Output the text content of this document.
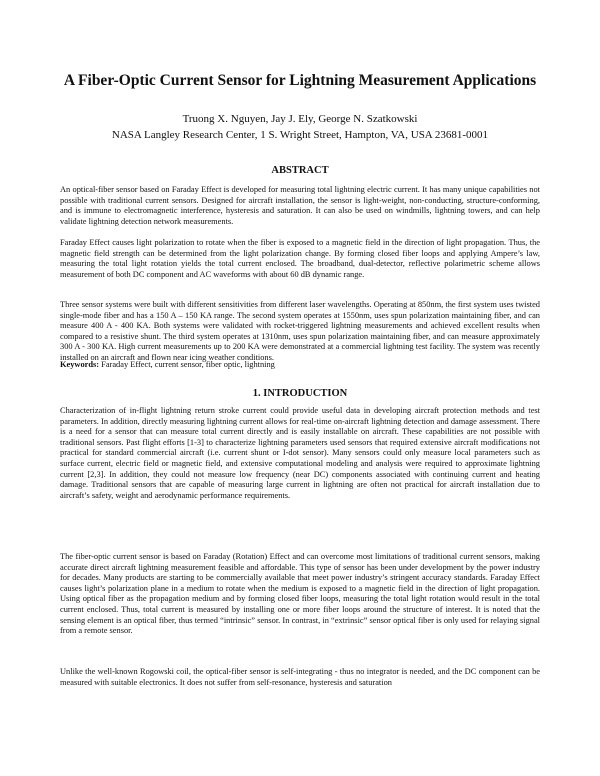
A Fiber-Optic Current Sensor for Lightning Measurement Applications
Truong X. Nguyen, Jay J. Ely, George N. Szatkowski
NASA Langley Research Center, 1 S. Wright Street, Hampton, VA, USA 23681-0001
ABSTRACT

An optical-fiber sensor based on Faraday Effect is developed for measuring total lightning electric current. It has many unique capabilities not possible with traditional current sensors. Designed for aircraft installation, the sensor is light-weight, non-conducting, structure-conforming, and is immune to electromagnetic interference, hysteresis and saturation. It can also be used on windmills, lightning towers, and can help validate lightning detection network measurements.

Faraday Effect causes light polarization to rotate when the fiber is exposed to a magnetic field in the direction of light propagation. Thus, the magnetic field strength can be determined from the light polarization change. By forming closed fiber loops and applying Ampere’s law, measuring the total light rotation yields the total current enclosed. The broadband, dual-detector, reflective polarimetric scheme allows measurement of both DC component and AC waveforms with about 60 dB dynamic range.

Three sensor systems were built with different sensitivities from different laser wavelengths. Operating at 850nm, the first system uses twisted single-mode fiber and has a 150 A – 150 KA range. The second system operates at 1550nm, uses spun polarization maintaining fiber, and can measure 400 A - 400 KA. Both systems were validated with rocket-triggered lightning measurements and achieved excellent results when compared to a resistive shunt. The third system operates at 1310nm, uses spun polarization maintaining fiber, and can measure approximately 300 A - 300 KA. High current measurements up to 200 KA were demonstrated at a commercial lightning test facility. The system was recently installed on an aircraft and flown near icing weather conditions.

Keywords: Faraday Effect, current sensor, fiber optic, lightning

1. INTRODUCTION

Characterization of in-flight lightning return stroke current could provide useful data in developing aircraft protection methods and test parameters. In addition, directly measuring lightning current allows for real-time on-aircraft lightning detection and damage assessment. There is a need for a sensor that can measure total current directly and is easily installable on aircraft. These capabilities are not possible with traditional sensors. Past flight efforts [1-3] to characterize lightning parameters used sensors that required extensive aircraft modifications not practical for standard commercial aircraft (i.e. current shunt or I-dot sensor). Many sensors could only measure local parameters such as surface current, electric field or magnetic field, and extensive computational modeling and analysis were required to approximate lightning current [2,3]. In addition, they could not measure low frequency (near DC) components associated with continuing current and heating damage. Traditional sensors that are capable of measuring large current in lightning are often not practical for aircraft installation due to aircraft’s safety, weight and aerodynamic performance requirements.

The fiber-optic current sensor is based on Faraday (Rotation) Effect and can overcome most limitations of traditional current sensors, making accurate direct aircraft lightning measurement feasible and affordable. This type of sensor has been under development by the power industry for decades. Many products are starting to be commercially available that meet power industry’s stringent accuracy standards. Faraday Effect causes light’s polarization plane in a medium to rotate when the medium is exposed to a magnetic field in the direction of light propagation. Using optical fiber as the propagation medium and by forming closed fiber loops, measuring the total light rotation would result in the total current enclosed. Thus, total current is measured by installing one or more fiber loops around the structure of interest. It is noted that the sensing element is an optical fiber, thus termed “intrinsic” sensor. In contrast, in “extrinsic” sensor optical fiber is only used for relaying signal from a remote sensor.

Unlike the well-known Rogowski coil, the optical-fiber sensor is self-integrating - thus no integrator is needed, and the DC component can be measured with suitable electronics. It does not suffer from self-resonance, hysteresis and saturation
